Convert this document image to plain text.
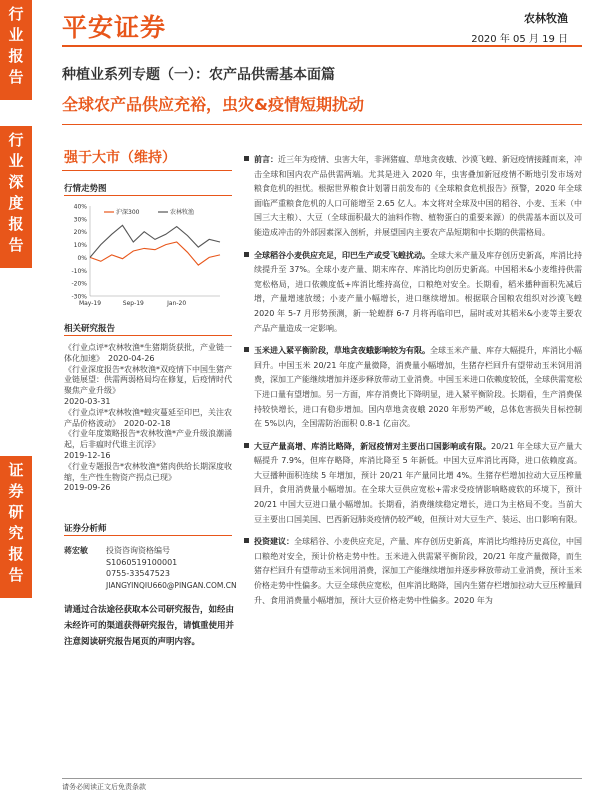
行
业
报
告
行
业
深
度
报
告
证
券
研
究
报
告
平安证券	农林牧渔
2020 年 05 月 19 日
种植业系列专题（一）：农产品供需基本面篇
全球农产品供应充裕，虫灾&疫情短期扰动
强于大市（维持）
行情走势图
40%
30%
20%
10%
0%
-10%
-20%
-30%
May-19	Sep-19	Jan-20
沪深300	农林牧渔
相关研究报告
《行业点评*农林牧渔*生猪期货获批，产业链一体化加速》 2020-04-26
《行业深度报告*农林牧渔*双疫情下中国生猪产业链展望：供需两弱格局均在修复，后疫情时代聚焦产业升级》
2020-03-31
《行业点评*农林牧渔*蝗灾蔓延至印巴，关注农产品价格波动》 2020-02-18
《行业年度策略报告*农林牧渔*产业升级浪潮涌起，后非瘟时代谁主沉浮》
2019-12-16
《行业专题报告*农林牧渔*猪肉供给长期深度收缩，生产性生物资产拐点已现》
2019-09-26
证券分析师
蒋宏敏	投资咨询资格编号
S1060519100001
0755-33547523
JIANGYINQIU660@PINGAN.COM.CN
请通过合法途径获取本公司研究报告，如经由未经许可的渠道获得研究报告，请慎重使用并注意阅读研究报告尾页的声明内容。
前言：近三年为疫情、虫害大年，非洲猪瘟、草地贪夜蛾、沙漠飞蝗、新冠疫情接踵而来，冲击全球和国内农产品供需两端。尤其是进入 2020 年，虫害叠加新冠疫情不断地引发市场对粮食危机的担忧。根据世界粮食计划署日前发布的《全球粮食危机报告》预警，2020 年全球面临严重粮食危机的人口可能增至 2.65 亿人。本文将对全球及中国的稻谷、小麦、玉米（中国三大主粮）、大豆（全球面积最大的油料作物、植物蛋白的重要来源）的供需基本面以及可能造成冲击的外部因素深入剖析，并展望国内主要农产品短期和中长期的供需格局。
全球稻谷小麦供应充足，印巴生产或受飞蝗扰动。全球大米产量及库存创历史新高，库消比持续提升至 37%。全球小麦产量、期末库存、库消比均创历史新高。中国稻米&小麦维持供需宽松格局，进口依赖度低+库消比维持高位，口粮绝对安全。长期看，稻米播种面积先减后增，产量增速放缓；小麦产量小幅增长，进口继续增加。根据联合国粮农组织对沙漠飞蝗 2020 年 5-7 月形势预测，新一轮蝗群 6-7 月将再临印巴，届时或对其稻米&小麦等主要农产品产量造成一定影响。
玉米进入紧平衡阶段，草地贪夜蛾影响较为有限。全球玉米产量、库存大幅提升，库消比小幅回升。中国玉米 20/21 年度产量微降，消费量小幅增加，生猪存栏回升有望带动玉米饲用消费，深加工产能继续增加并逐步释放带动工业消费。中国玉米进口依赖度较低，全球供需宽松下进口量有望增加。另一方面，库存消费比下降明显，进入紧平衡阶段。长期看，生产消费保持较快增长，进口有稳步增加。国内草地贪夜蛾 2020 年形势严峻，总体危害损失目标控制在 5%以内，全国需防治面积 0.8-1 亿亩次。
大豆产量高增、库消比略降，新冠疫情对主要出口国影响或有限。20/21 年全球大豆产量大幅提升 7.9%，但库存略降，库消比降至 5 年新低。中国大豆库消比再降，进口依赖度高。大豆播种面积连续 5 年增加，预计 20/21 年产量同比增 4%。生猪存栏增加拉动大豆压榨量回升，食用消费量小幅增加。在全球大豆供应宽松+需求受疫情影响略疲软的环境下，预计 20/21 中国大豆进口量小幅增加。长期看，消费继续稳定增长，进口为主格局不变。当前大豆主要出口国美国、巴西新冠肺炎疫情仍较严峻，但预计对大豆生产、装运、出口影响有限。
投资建议：全球稻谷、小麦供应充足，产量、库存创历史新高，库消比均维持历史高位，中国口粮绝对安全，预计价格走势中性。玉米进入供需紧平衡阶段，20/21 年度产量微降，而生猪存栏回升有望带动玉米饲用消费，深加工产能继续增加并逐步释放带动工业消费，预计玉米价格走势中性偏多。大豆全球供应宽松，但库消比略降，国内生猪存栏增加拉动大豆压榨量回升、食用消费量小幅增加，预计大豆价格走势中性偏多。2020 年为
请务必阅读正文后免责条款
